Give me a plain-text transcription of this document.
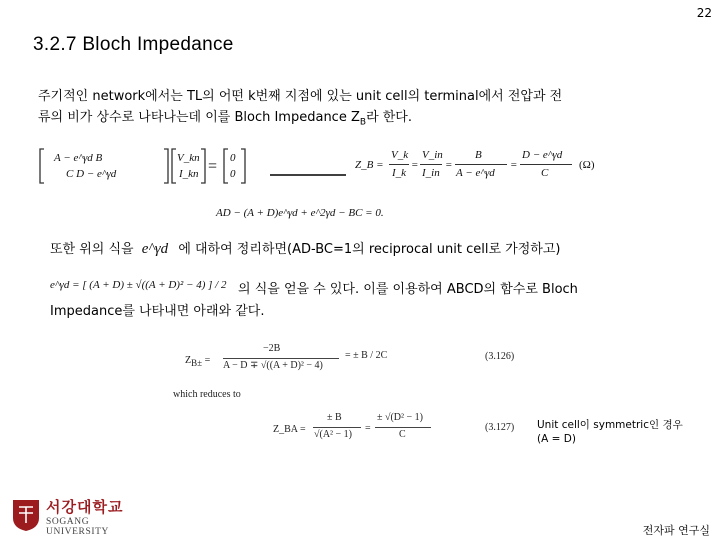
22
3.2.7 Bloch Impedance
주기적인 network에서는 TL의 어떤 k번째 지점에 있는 unit cell의 terminal에서 전압과 전
류의 비가 상수로 나타나는데 이를 Bloch Impedance $Z_B$라 한다.
=
A − e^γd B
C D − e^γd
V_kn
I_kn
0
0
Z_B =
V_k
I_k
=
V_in
I_in
=
B
A − e^γd
=
D − e^γd
C
(Ω)
AD − (A + D)e^γd + e^2γd − BC = 0.
또한 위의 식을 e^γd 에 대하여 정리하면(AD-BC=1의 reciprocal unit cell로 가정하고)
e^γd = [ (A + D) ± √((A + D)² − 4) ] / 2 의 식을 얻을 수 있다. 이를 이용하여 ABCD의 함수로 Bloch
Impedance를 나타내면 아래와 같다.
$Z_{B\pm}$ =
−2B
A − D ∓ √((A + D)² − 4)
= ± B / 2C	(3.126)
which reduces to
Z_BA =
± B
√(A² − 1)
=
± √(D² − 1)
C
(3.127) Unit cell이 symmetric인 경우
(A = D)
서강대학교
SOGANG UNIVERSITY	전자파 연구실
